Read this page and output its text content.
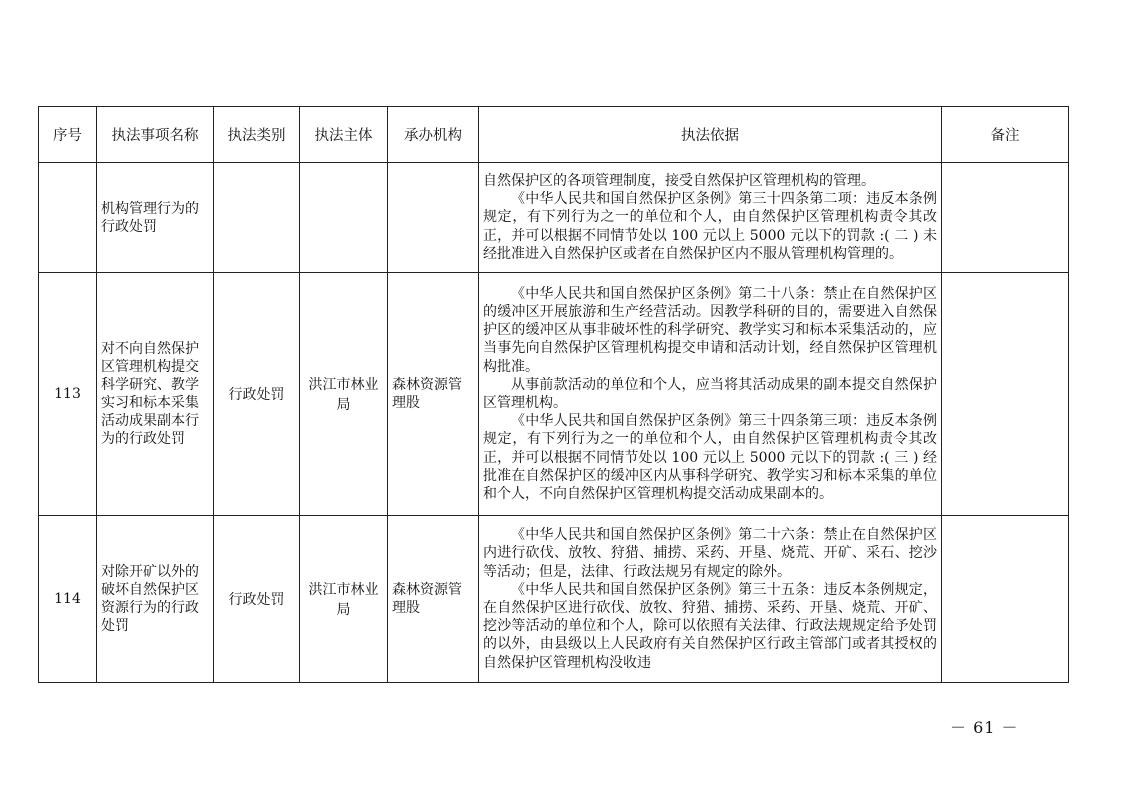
序号	执法事项名称	执法类别	执法主体	承办机构	执法依据	备注
	机构管理行为的行政处罚				自然保护区的各项管理制度，接受自然保护区管理机构的管理。

《中华人民共和国自然保护区条例》第三十四条第二项：违反本条例规定，有下列行为之一的单位和个人，由自然保护区管理机构责令其改正，并可以根据不同情节处以 100 元以上 5000 元以下的罚款 :( 二 ) 未经批准进入自然保护区或者在自然保护区内不服从管理机构管理的。	

113	对不向自然保护区管理机构提交科学研究、教学实习和标本采集活动成果副本行为的行政处罚	行政处罚	洪江市林业局	森林资源管理股	《中华人民共和国自然保护区条例》第二十八条：禁止在自然保护区的缓冲区开展旅游和生产经营活动。因教学科研的目的，需要进入自然保护区的缓冲区从事非破坏性的科学研究、教学实习和标本采集活动的，应当事先向自然保护区管理机构提交申请和活动计划，经自然保护区管理机构批准。

从事前款活动的单位和个人，应当将其活动成果的副本提交自然保护区管理机构。

《中华人民共和国自然保护区条例》第三十四条第三项：违反本条例规定，有下列行为之一的单位和个人，由自然保护区管理机构责令其改正，并可以根据不同情节处以 100 元以上 5000 元以下的罚款 :( 三 ) 经批准在自然保护区的缓冲区内从事科学研究、教学实习和标本采集的单位和个人，不向自然保护区管理机构提交活动成果副本的。	

114	对除开矿以外的破坏自然保护区资源行为的行政处罚	行政处罚	洪江市林业局	森林资源管理股	《中华人民共和国自然保护区条例》第二十六条：禁止在自然保护区内进行砍伐、放牧、狩猎、捕捞、采药、开垦、烧荒、开矿、采石、挖沙等活动；但是，法律、行政法规另有规定的除外。

《中华人民共和国自然保护区条例》第三十五条：违反本条例规定，在自然保护区进行砍伐、放牧、狩猎、捕捞、采药、开垦、烧荒、开矿、挖沙等活动的单位和个人，除可以依照有关法律、行政法规规定给予处罚的以外，由县级以上人民政府有关自然保护区行政主管部门或者其授权的自然保护区管理机构没收违	

－ 61 －
